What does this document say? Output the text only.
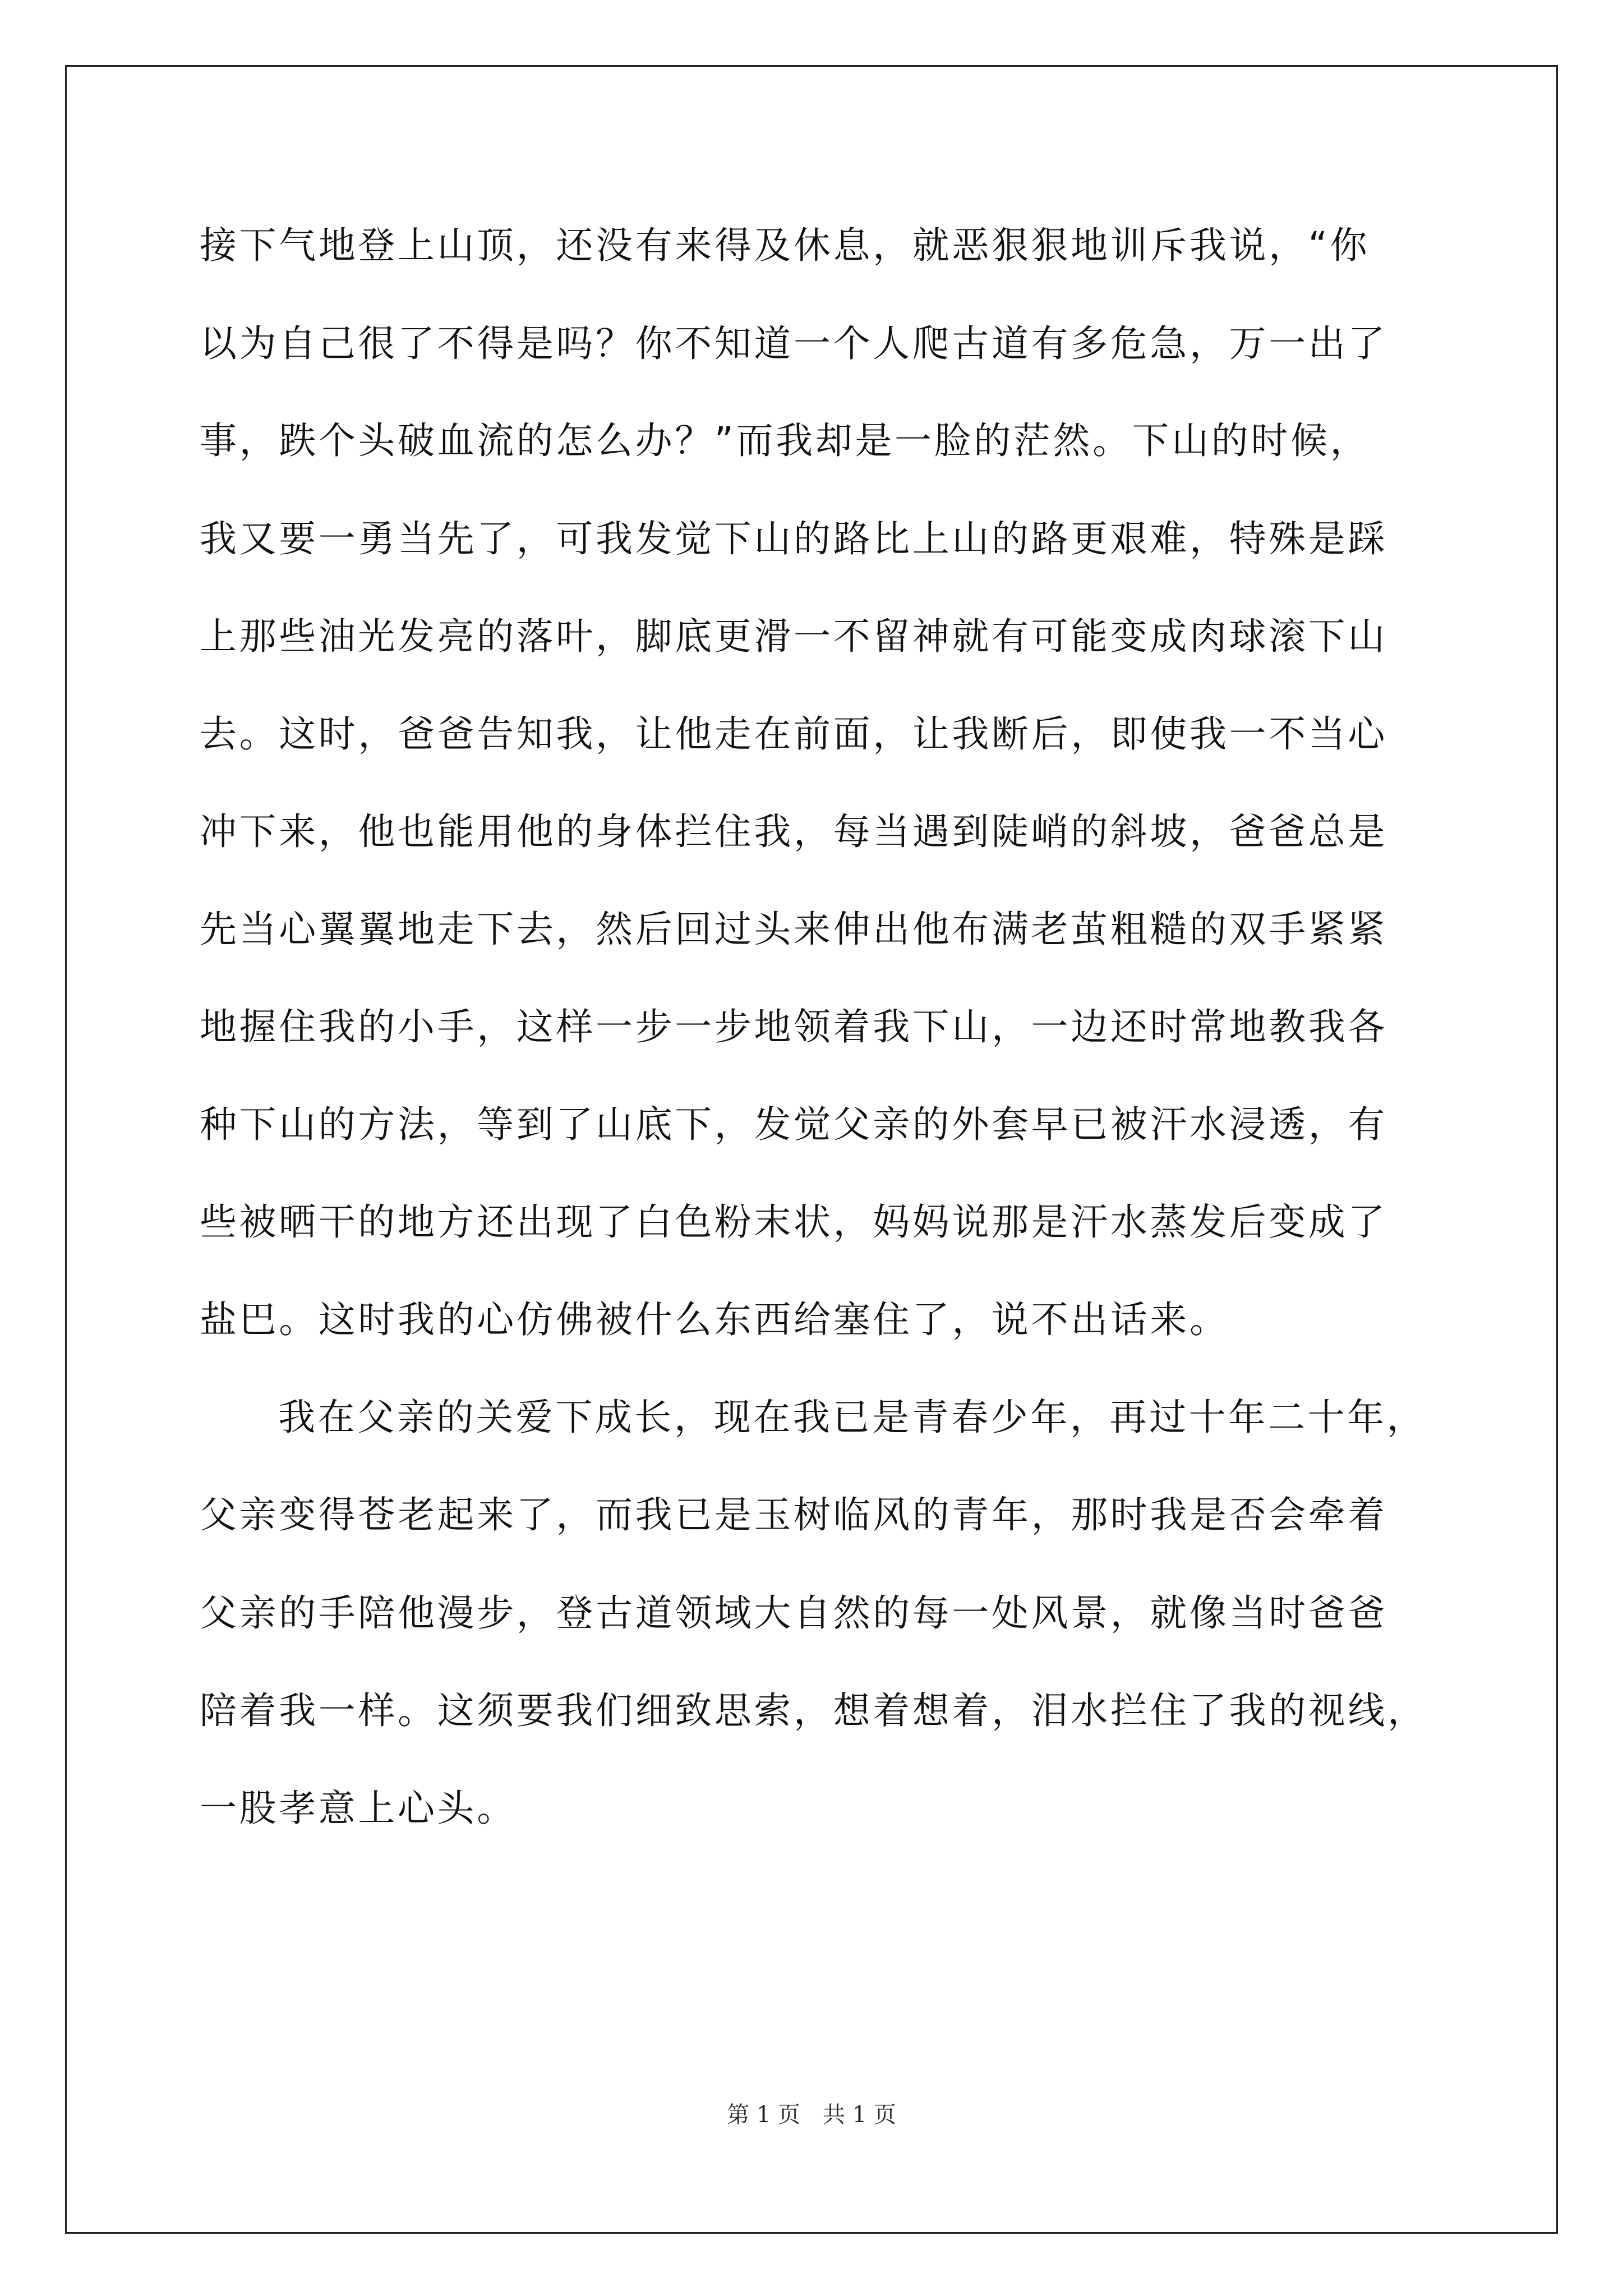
接下气地登上山顶，还没有来得及休息，就恶狠狠地训斥我说，“你
以为自己很了不得是吗？你不知道一个人爬古道有多危急，万一出了
事，跌个头破血流的怎么办？”而我却是一脸的茫然。下山的时候，
我又要一勇当先了，可我发觉下山的路比上山的路更艰难，特殊是踩
上那些油光发亮的落叶，脚底更滑一不留神就有可能变成肉球滚下山
去。这时，爸爸告知我，让他走在前面，让我断后，即使我一不当心
冲下来，他也能用他的身体拦住我，每当遇到陡峭的斜坡，爸爸总是
先当心翼翼地走下去，然后回过头来伸出他布满老茧粗糙的双手紧紧
地握住我的小手，这样一步一步地领着我下山，一边还时常地教我各
种下山的方法，等到了山底下，发觉父亲的外套早已被汗水浸透，有
些被晒干的地方还出现了白色粉末状，妈妈说那是汗水蒸发后变成了
盐巴。这时我的心仿佛被什么东西给塞住了，说不出话来。
我在父亲的关爱下成长，现在我已是青春少年，再过十年二十年，
父亲变得苍老起来了，而我已是玉树临风的青年，那时我是否会牵着
父亲的手陪他漫步，登古道领域大自然的每一处风景，就像当时爸爸
陪着我一样。这须要我们细致思索，想着想着，泪水拦住了我的视线，
一股孝意上心头。
第 1 页　共 1 页
